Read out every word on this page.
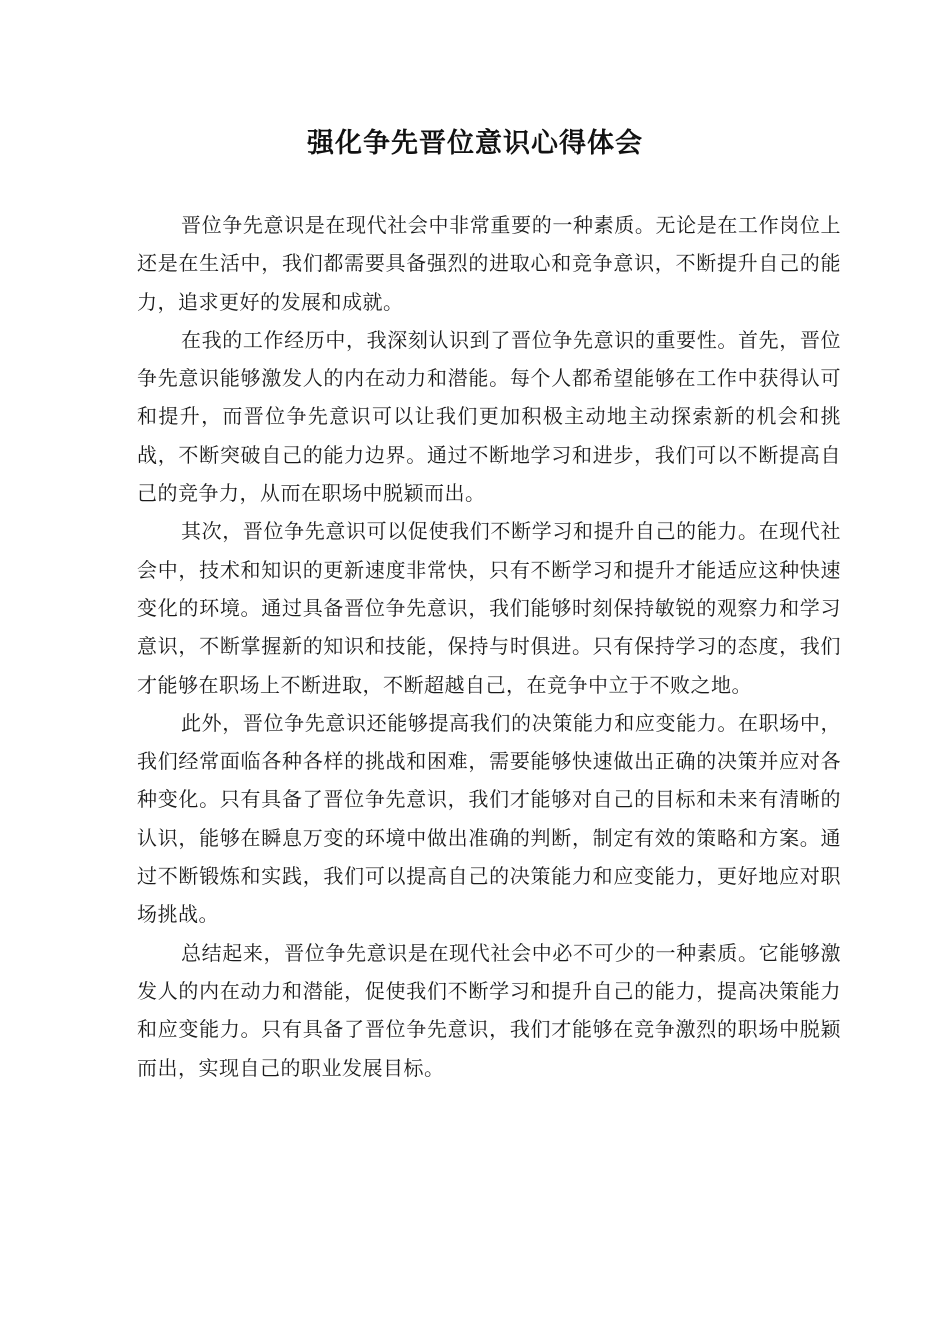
强化争先晋位意识心得体会

晋位争先意识是在现代社会中非常重要的一种素质。无论是在工作岗位上还是在生活中，我们都需要具备强烈的进取心和竞争意识，不断提升自己的能力，追求更好的发展和成就。

在我的工作经历中，我深刻认识到了晋位争先意识的重要性。首先，晋位争先意识能够激发人的内在动力和潜能。每个人都希望能够在工作中获得认可和提升，而晋位争先意识可以让我们更加积极主动地主动探索新的机会和挑战，不断突破自己的能力边界。通过不断地学习和进步，我们可以不断提高自己的竞争力，从而在职场中脱颖而出。

其次，晋位争先意识可以促使我们不断学习和提升自己的能力。在现代社会中，技术和知识的更新速度非常快，只有不断学习和提升才能适应这种快速变化的环境。通过具备晋位争先意识，我们能够时刻保持敏锐的观察力和学习意识，不断掌握新的知识和技能，保持与时俱进。只有保持学习的态度，我们才能够在职场上不断进取，不断超越自己，在竞争中立于不败之地。

此外，晋位争先意识还能够提高我们的决策能力和应变能力。在职场中，我们经常面临各种各样的挑战和困难，需要能够快速做出正确的决策并应对各种变化。只有具备了晋位争先意识，我们才能够对自己的目标和未来有清晰的认识，能够在瞬息万变的环境中做出准确的判断，制定有效的策略和方案。通过不断锻炼和实践，我们可以提高自己的决策能力和应变能力，更好地应对职场挑战。

总结起来，晋位争先意识是在现代社会中必不可少的一种素质。它能够激发人的内在动力和潜能，促使我们不断学习和提升自己的能力，提高决策能力和应变能力。只有具备了晋位争先意识，我们才能够在竞争激烈的职场中脱颖而出，实现自己的职业发展目标。
